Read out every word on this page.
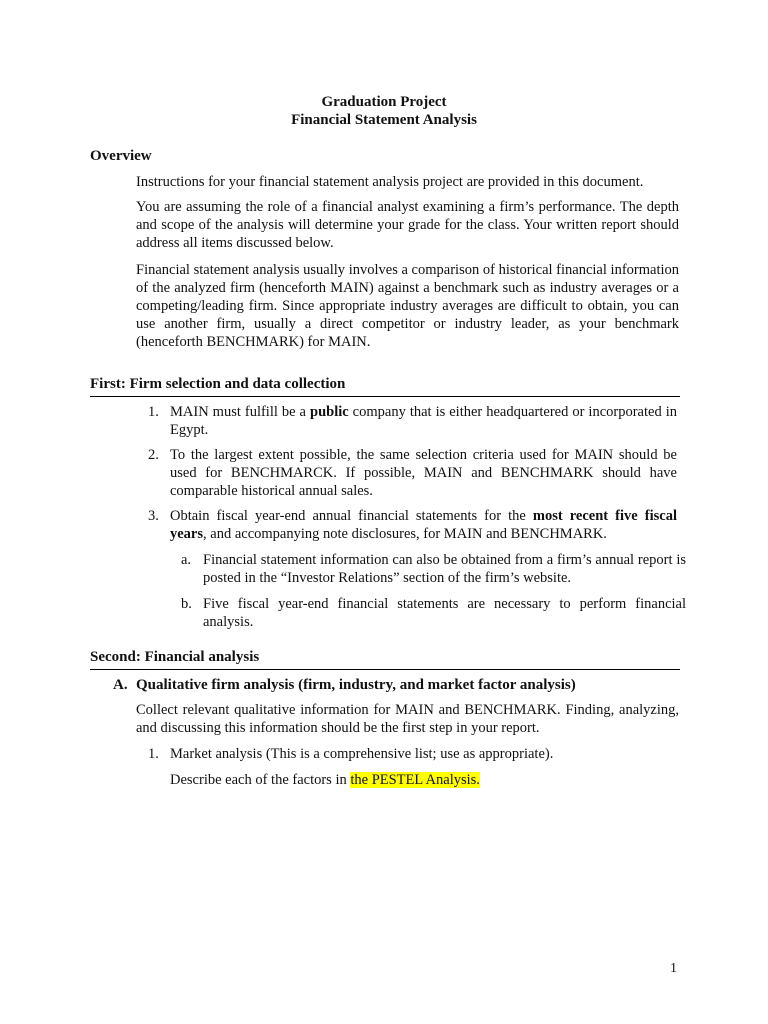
Graduation Project
Financial Statement Analysis
Overview
Instructions for your financial statement analysis project are provided in this document.
You are assuming the role of a financial analyst examining a firm’s performance. The depth and scope of the analysis will determine your grade for the class. Your written report should address all items discussed below.
Financial statement analysis usually involves a comparison of historical financial information of the analyzed firm (henceforth MAIN) against a benchmark such as industry averages or a competing/leading firm. Since appropriate industry averages are difficult to obtain, you can use another firm, usually a direct competitor or industry leader, as your benchmark (henceforth BENCHMARK) for MAIN.
First: Firm selection and data collection
1. MAIN must fulfill be a public company that is either headquartered or incorporated in Egypt.
2. To the largest extent possible, the same selection criteria used for MAIN should be used for BENCHMARCK. If possible, MAIN and BENCHMARK should have comparable historical annual sales.
3. Obtain fiscal year-end annual financial statements for the most recent five fiscal years, and accompanying note disclosures, for MAIN and BENCHMARK.
a. Financial statement information can also be obtained from a firm’s annual report is posted in the “Investor Relations” section of the firm’s website.
b. Five fiscal year-end financial statements are necessary to perform financial analysis.
Second: Financial analysis
A. Qualitative firm analysis (firm, industry, and market factor analysis)
Collect relevant qualitative information for MAIN and BENCHMARK. Finding, analyzing, and discussing this information should be the first step in your report.
1. Market analysis (This is a comprehensive list; use as appropriate).
Describe each of the factors in the PESTEL Analysis.
1
